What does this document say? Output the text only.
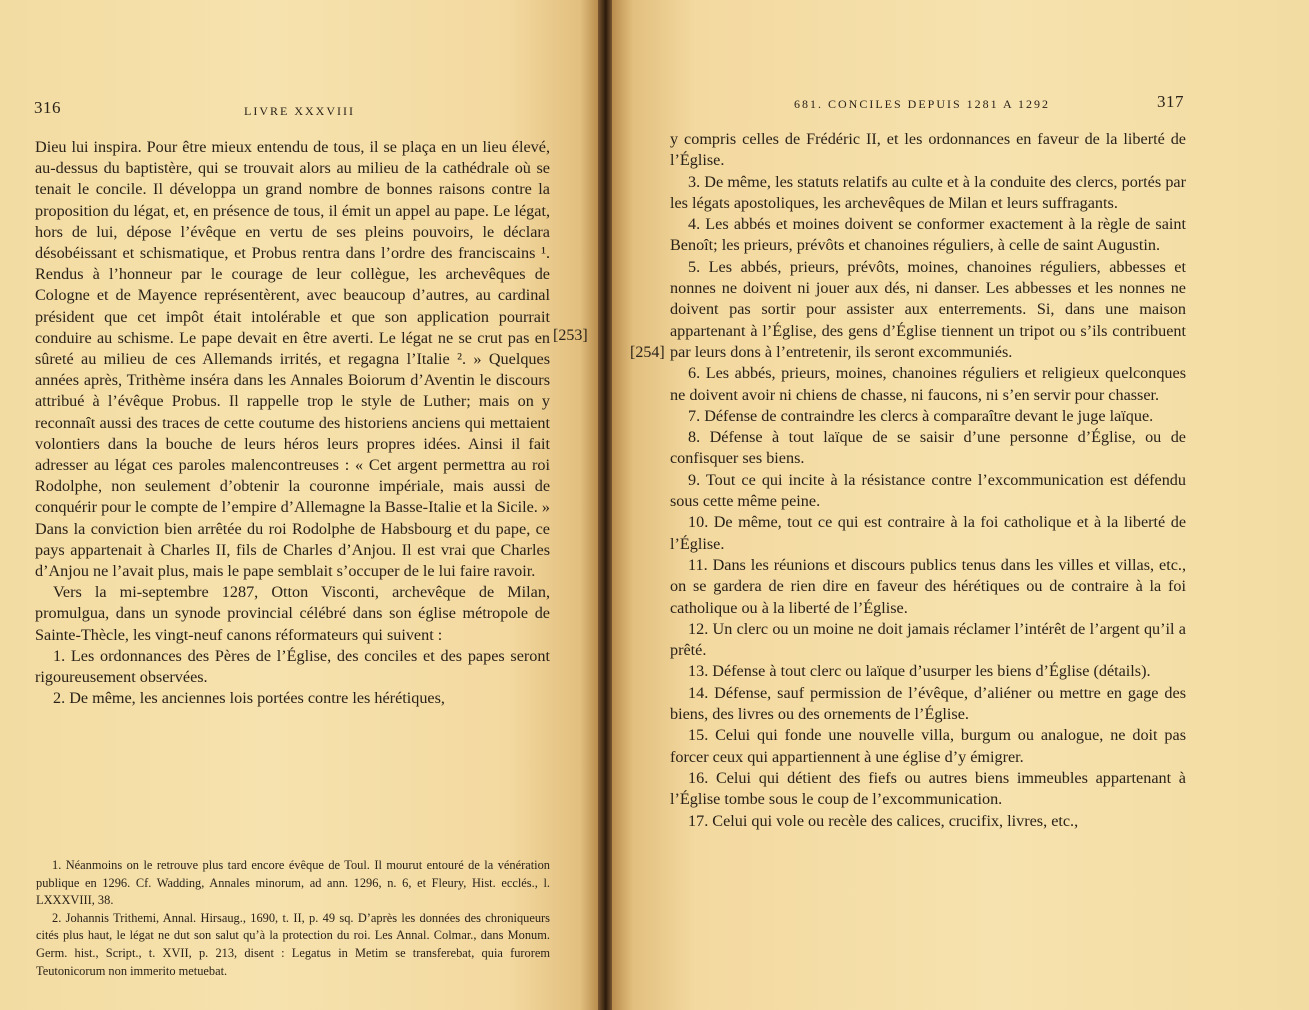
316	LIVRE XXXVIII

Dieu lui inspira. Pour être mieux entendu de tous, il se plaça en un lieu élevé, au-dessus du baptistère, qui se trouvait alors au milieu de la cathédrale où se tenait le concile. Il développa un grand nombre de bonnes raisons contre la proposition du légat, et, en présence de tous, il émit un appel au pape. Le légat, hors de lui, dépose l’évêque en vertu de ses pleins pouvoirs, le déclara désobéissant et schismatique, et Probus rentra dans l’ordre des franciscains ¹. Rendus à l’honneur par le courage de leur collègue, les archevêques de Cologne et de Mayence représentèrent, avec beaucoup d’autres, au cardinal président que cet impôt était intolérable et que son application pourrait conduire au schisme. Le pape devait en être averti. Le légat ne se crut pas en sûreté au milieu de ces Allemands irrités, et regagna l’Italie ². » Quelques années après, Trithème inséra dans les Annales Boiorum d’Aventin le discours attribué à l’évêque Probus. Il rappelle trop le style de Luther; mais on y reconnaît aussi des traces de cette coutume des historiens anciens qui mettaient volontiers dans la bouche de leurs héros leurs propres idées. Ainsi il fait adresser au légat ces paroles malencontreuses : « Cet argent permettra au roi Rodolphe, non seulement d’obtenir la couronne impériale, mais aussi de conquérir pour le compte de l’empire d’Allemagne la Basse-Italie et la Sicile. » Dans la conviction bien arrêtée du roi Rodolphe de Habsbourg et du pape, ce pays appartenait à Charles II, fils de Charles d’Anjou. Il est vrai que Charles d’Anjou ne l’avait plus, mais le pape semblait s’occuper de le lui faire ravoir.

Vers la mi-septembre 1287, Otton Visconti, archevêque de Milan, promulgua, dans un synode provincial célébré dans son église métropole de Sainte-Thècle, les vingt-neuf canons réformateurs qui suivent :

1. Les ordonnances des Pères de l’Église, des conciles et des papes seront rigoureusement observées.

2. De même, les anciennes lois portées contre les hérétiques,

[253]

1. Néanmoins on le retrouve plus tard encore évêque de Toul. Il mourut entouré de la vénération publique en 1296. Cf. Wadding, Annales minorum, ad ann. 1296, n. 6, et Fleury, Hist. ecclés., l. LXXXVIII, 38.

2. Johannis Trithemi, Annal. Hirsaug., 1690, t. II, p. 49 sq. D’après les données des chroniqueurs cités plus haut, le légat ne dut son salut qu’à la protection du roi. Les Annal. Colmar., dans Monum. Germ. hist., Script., t. XVII, p. 213, disent : Legatus in Metim se transferebat, quia furorem Teutonicorum non immerito metuebat.

681. CONCILES DEPUIS 1281 A 1292	317
[254]

y compris celles de Frédéric II, et les ordonnances en faveur de la liberté de l’Église.

3. De même, les statuts relatifs au culte et à la conduite des clercs, portés par les légats apostoliques, les archevêques de Milan et leurs suffragants.

4. Les abbés et moines doivent se conformer exactement à la règle de saint Benoît; les prieurs, prévôts et chanoines réguliers, à celle de saint Augustin.

5. Les abbés, prieurs, prévôts, moines, chanoines réguliers, abbesses et nonnes ne doivent ni jouer aux dés, ni danser. Les abbesses et les nonnes ne doivent pas sortir pour assister aux enterrements. Si, dans une maison appartenant à l’Église, des gens d’Église tiennent un tripot ou s’ils contribuent par leurs dons à l’entretenir, ils seront excommuniés.

6. Les abbés, prieurs, moines, chanoines réguliers et religieux quelconques ne doivent avoir ni chiens de chasse, ni faucons, ni s’en servir pour chasser.

7. Défense de contraindre les clercs à comparaître devant le juge laïque.

8. Défense à tout laïque de se saisir d’une personne d’Église, ou de confisquer ses biens.

9. Tout ce qui incite à la résistance contre l’excommunication est défendu sous cette même peine.

10. De même, tout ce qui est contraire à la foi catholique et à la liberté de l’Église.

11. Dans les réunions et discours publics tenus dans les villes et villas, etc., on se gardera de rien dire en faveur des hérétiques ou de contraire à la foi catholique ou à la liberté de l’Église.

12. Un clerc ou un moine ne doit jamais réclamer l’intérêt de l’argent qu’il a prêté.

13. Défense à tout clerc ou laïque d’usurper les biens d’Église (détails).

14. Défense, sauf permission de l’évêque, d’aliéner ou mettre en gage des biens, des livres ou des ornements de l’Église.

15. Celui qui fonde une nouvelle villa, burgum ou analogue, ne doit pas forcer ceux qui appartiennent à une église d’y émigrer.

16. Celui qui détient des fiefs ou autres biens immeubles appartenant à l’Église tombe sous le coup de l’excommunication.

17. Celui qui vole ou recèle des calices, crucifix, livres, etc.,
